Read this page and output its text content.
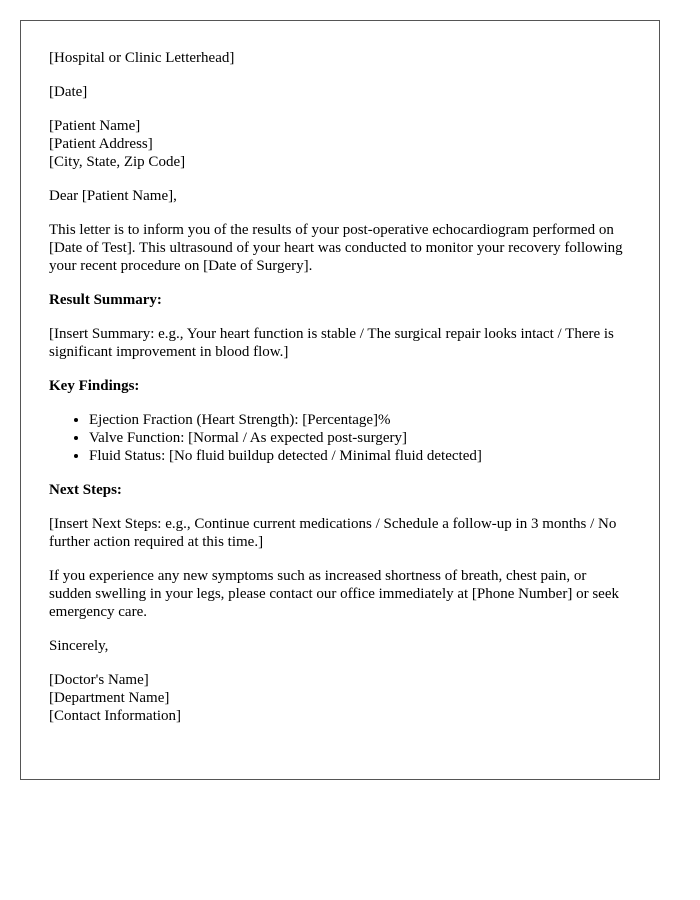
[Hospital or Clinic Letterhead]

[Date]

[Patient Name]
[Patient Address]
[City, State, Zip Code]

Dear [Patient Name],

This letter is to inform you of the results of your post-operative echocardiogram performed on [Date of Test]. This ultrasound of your heart was conducted to monitor your recovery following your recent procedure on [Date of Surgery].

Result Summary:

[Insert Summary: e.g., Your heart function is stable / The surgical repair looks intact / There is significant improvement in blood flow.]

Key Findings:

• Ejection Fraction (Heart Strength): [Percentage]%
• Valve Function: [Normal / As expected post-surgery]
• Fluid Status: [No fluid buildup detected / Minimal fluid detected]

Next Steps:

[Insert Next Steps: e.g., Continue current medications / Schedule a follow-up in 3 months / No further action required at this time.]

If you experience any new symptoms such as increased shortness of breath, chest pain, or sudden swelling in your legs, please contact our office immediately at [Phone Number] or seek emergency care.

Sincerely,

[Doctor's Name]
[Department Name]
[Contact Information]
